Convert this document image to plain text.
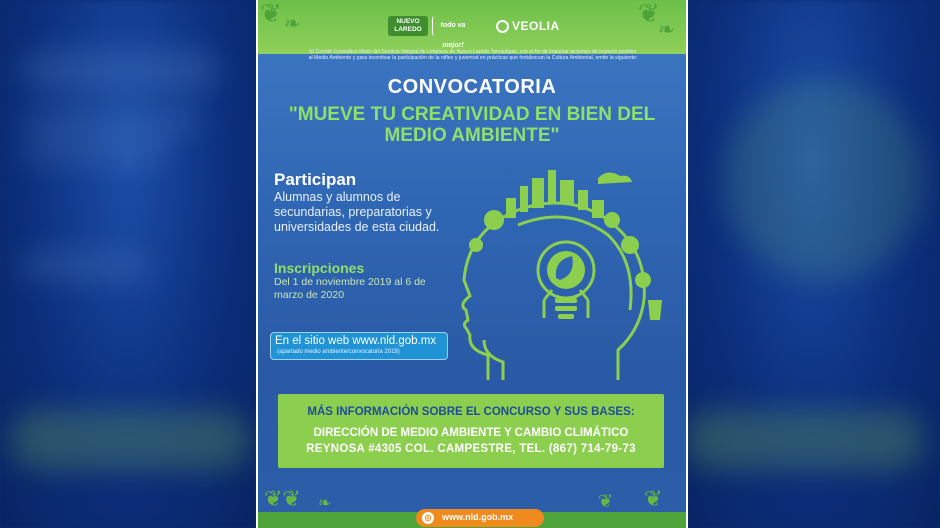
❦ ❧	❦
❧
NUEVO LAREDO
todo va mejor!
VEOLIA
El Comité Consultivo Mixto del Servicio Integral de Limpieza de Nuevo Laredo Tamaulipas, con el fin de impulsar acciones de impacto positivo al Medio Ambiente y para incentivar la participación de la niñez y juventud en prácticas que fortalezcan la Cultura Ambiental, emite la siguiente:
CONVOCATORIA
"MUEVE TU CREATIVIDAD EN BIEN DEL MEDIO AMBIENTE"
Participan
Alumnas y alumnos de secundarias, preparatorias y universidades de esta ciudad.
Inscripciones
Del 1 de noviembre 2019 al 6 de marzo de 2020
En el sitio web www.nld.gob.mx
(apartado medio ambiente/convocatoria 2019)
MÁS INFORMACIÓN SOBRE EL CONCURSO Y SUS BASES:
DIRECCIÓN DE MEDIO AMBIENTE Y CAMBIO CLIMÁTICO
REYNOSA #4305 COL. CAMPESTRE, TEL. (867) 714-79-73
❦❦ ❧	❦ ❦
◎ www.nld.gob.mx
